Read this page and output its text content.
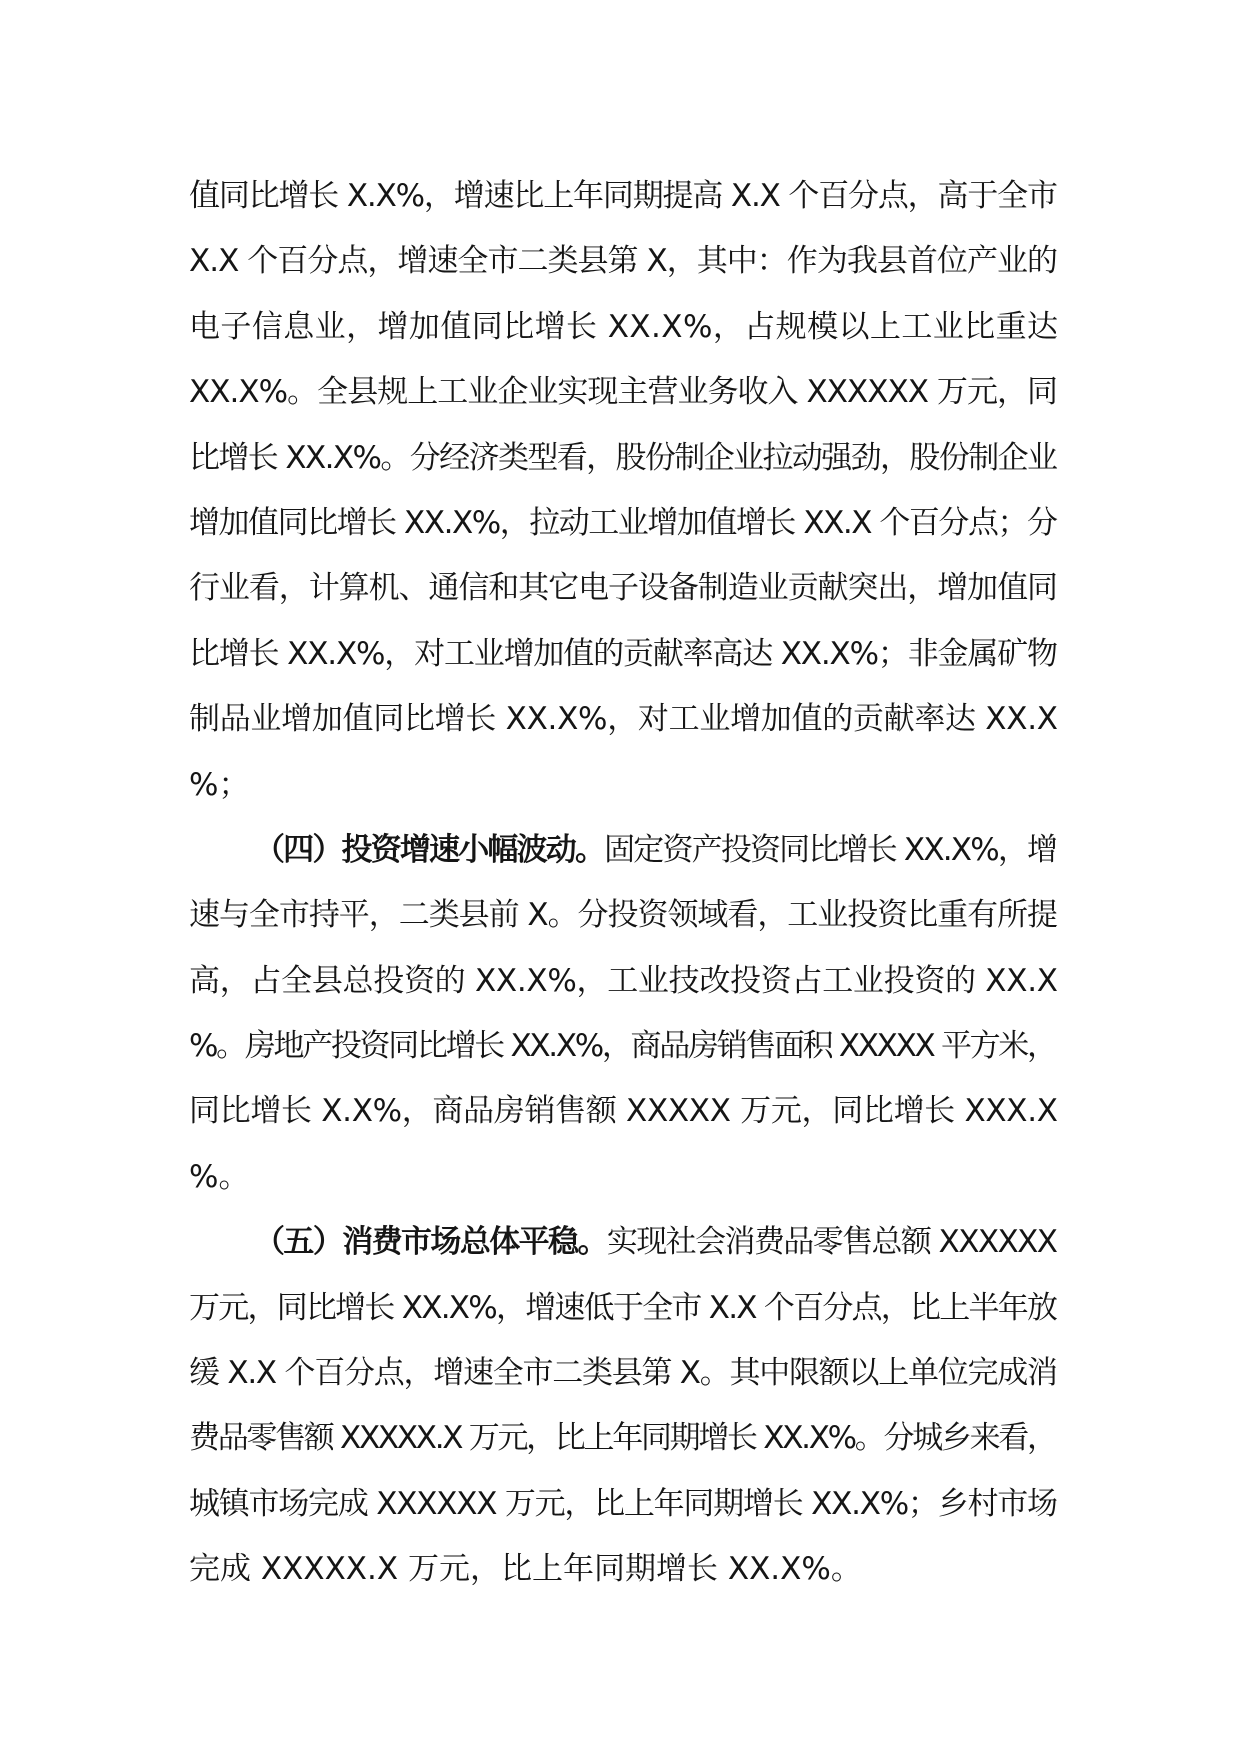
值同比增长 X.X%，增速比上年同期提高 X.X 个百分点，高于全市
X.X 个百分点，增速全市二类县第 X，其中：作为我县首位产业的
电子信息业，增加值同比增长 XX.X%，占规模以上工业比重达
XX.X%。全县规上工业企业实现主营业务收入 XXXXXX 万元，同
比增长 XX.X%。分经济类型看，股份制企业拉动强劲，股份制企业
增加值同比增长 XX.X%，拉动工业增加值增长 XX.X 个百分点；分
行业看，计算机、通信和其它电子设备制造业贡献突出，增加值同
比增长 XX.X%，对工业增加值的贡献率高达 XX.X%；非金属矿物
制品业增加值同比增长 XX.X%，对工业增加值的贡献率达 XX.X
%；
（四）投资增速小幅波动。固定资产投资同比增长 XX.X%，增
速与全市持平，二类县前 X。分投资领域看，工业投资比重有所提
高，占全县总投资的 XX.X%，工业技改投资占工业投资的 XX.X
%。房地产投资同比增长 XX.X%，商品房销售面积 XXXXX 平方米，
同比增长 X.X%，商品房销售额 XXXXX 万元，同比增长 XXX.X
%。
（五）消费市场总体平稳。实现社会消费品零售总额 XXXXXX
万元，同比增长 XX.X%，增速低于全市 X.X 个百分点，比上半年放
缓 X.X 个百分点，增速全市二类县第 X。其中限额以上单位完成消
费品零售额 XXXXX.X 万元，比上年同期增长 XX.X%。分城乡来看，
城镇市场完成 XXXXXX 万元，比上年同期增长 XX.X%；乡村市场
完成 XXXXX.X 万元，比上年同期增长 XX.X%。
